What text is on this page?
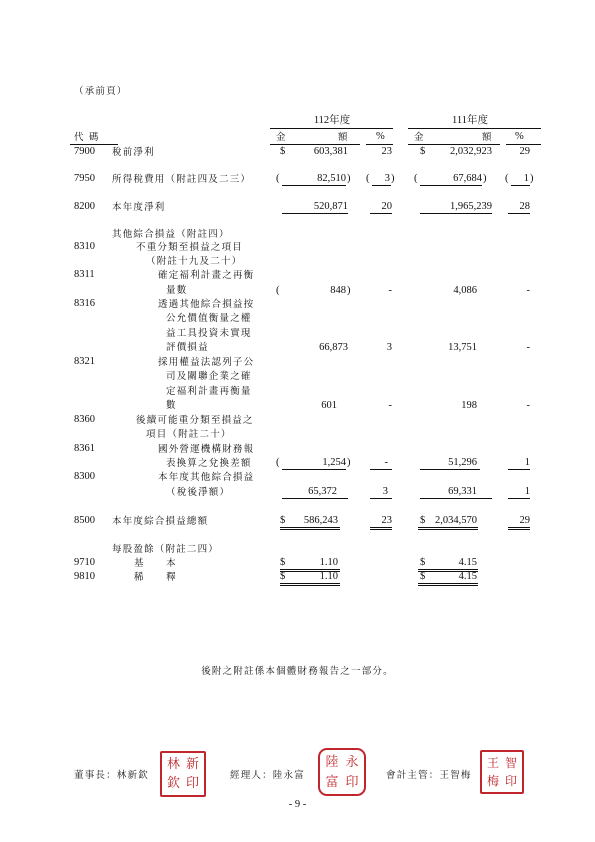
（承前頁）
112年度	111年度
代 碼	金	額	%	金	額 %
7900 稅前淨利	$	603,381	23	$	2,032,923	29
7950 所得稅費用（附註四及二三） (	82,510 ) (	3 ) (	67,684 ) (	1 )
8200 本年度淨利	520,871	20	1,965,239	28
其他綜合損益（附註四）
8310	不重分類至損益之項目
（附註十九及二十）
8311	確定福利計畫之再衡
量數	(	848 )	-	4,086	-
8316	透過其他綜合損益按
公允價值衡量之權
益工具投資未實現
評價損益	66,873	3	13,751	-
8321	採用權益法認列子公
司及關聯企業之確
定福利計畫再衡量
數	601	-	198	-
8360	後續可能重分類至損益之
項目（附註二十）
8361	國外營運機構財務報
表換算之兌換差額 (	1,254 )	-	51,296	1
8300	本年度其他綜合損益
（稅後淨額）	65,372	3	69,331	1
8500 本年度綜合損益總額	$	586,243	23	$ 2,034,570	29
每股盈餘（附註二四）
9710	基　　本	$	1.10	$	4.15
9810	稀　　釋	$	1.10	$	4.15
後附之附註係本個體財務報告之一部分。
董事長：林新欽
林 新
欽 印
經理人：陸永富
陸 永
富 印	會計主管：王智梅
王 智
梅 印
- 9 -
